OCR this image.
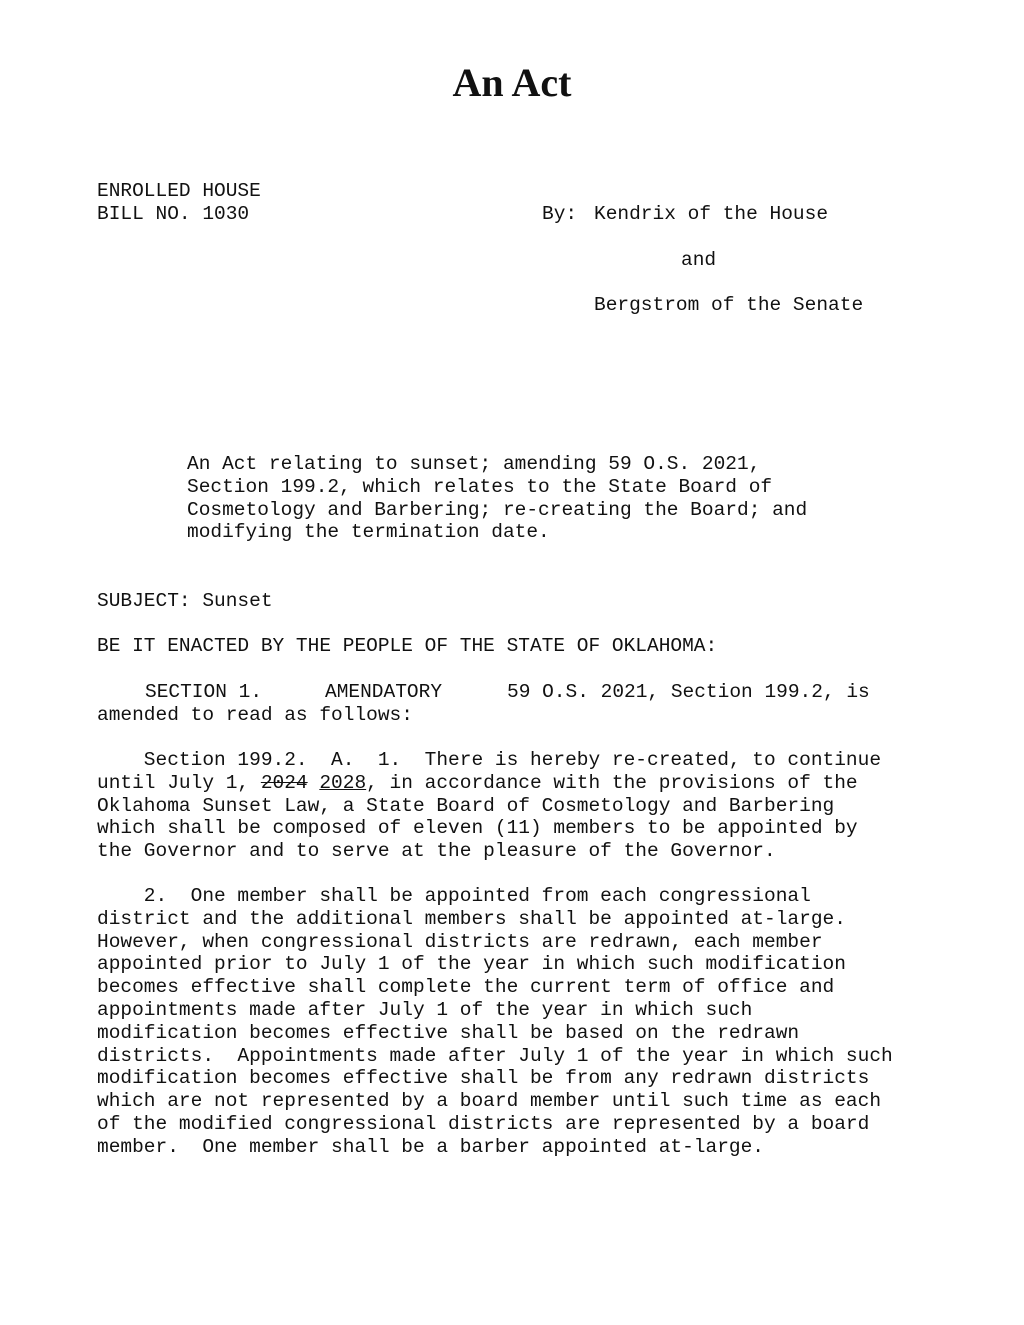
An Act
ENROLLED HOUSE
BILL NO. 1030	By: Kendrix of the House
and
Bergstrom of the Senate
An Act relating to sunset; amending 59 O.S. 2021,
Section 199.2, which relates to the State Board of
Cosmetology and Barbering; re-creating the Board; and
modifying the termination date.
SUBJECT: Sunset
BE IT ENACTED BY THE PEOPLE OF THE STATE OF OKLAHOMA:
SECTION 1.	AMENDATORY	59 O.S. 2021, Section 199.2, is
amended to read as follows:
Section 199.2.  A.  1.  There is hereby re-created, to continue
until July 1, 2024 2028, in accordance with the provisions of the
Oklahoma Sunset Law, a State Board of Cosmetology and Barbering
which shall be composed of eleven (11) members to be appointed by
the Governor and to serve at the pleasure of the Governor.
2.  One member shall be appointed from each congressional
district and the additional members shall be appointed at-large.
However, when congressional districts are redrawn, each member
appointed prior to July 1 of the year in which such modification
becomes effective shall complete the current term of office and
appointments made after July 1 of the year in which such
modification becomes effective shall be based on the redrawn
districts.  Appointments made after July 1 of the year in which such
modification becomes effective shall be from any redrawn districts
which are not represented by a board member until such time as each
of the modified congressional districts are represented by a board
member.  One member shall be a barber appointed at-large.
